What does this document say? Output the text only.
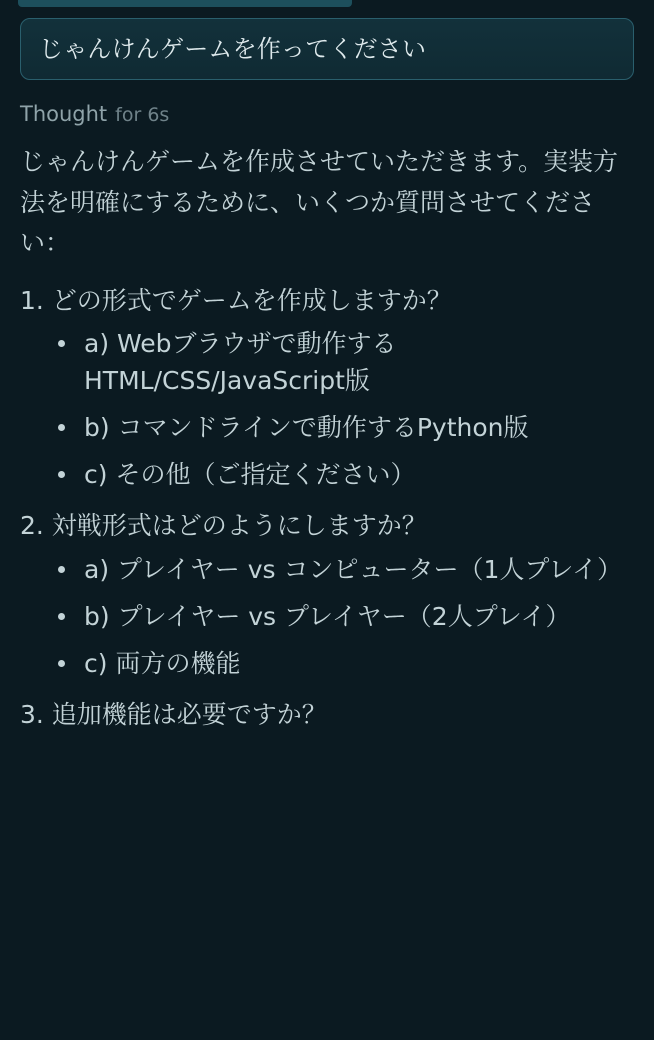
じゃんけんゲームを作ってください
Thought for 6s

じゃんけんゲームを作成させていただきます。実装方法を明確にするために、いくつか質問させてください：

1. どの形式でゲームを作成しますか？

a) Webブラウザで動作するHTML/CSS/JavaScript版
b) コマンドラインで動作するPython版
c) その他（ご指定ください）

2. 対戦形式はどのようにしますか？

a) プレイヤー vs コンピューター（1人プレイ）
b) プレイヤー vs プレイヤー（2人プレイ）
c) 両方の機能

3. 追加機能は必要ですか？
